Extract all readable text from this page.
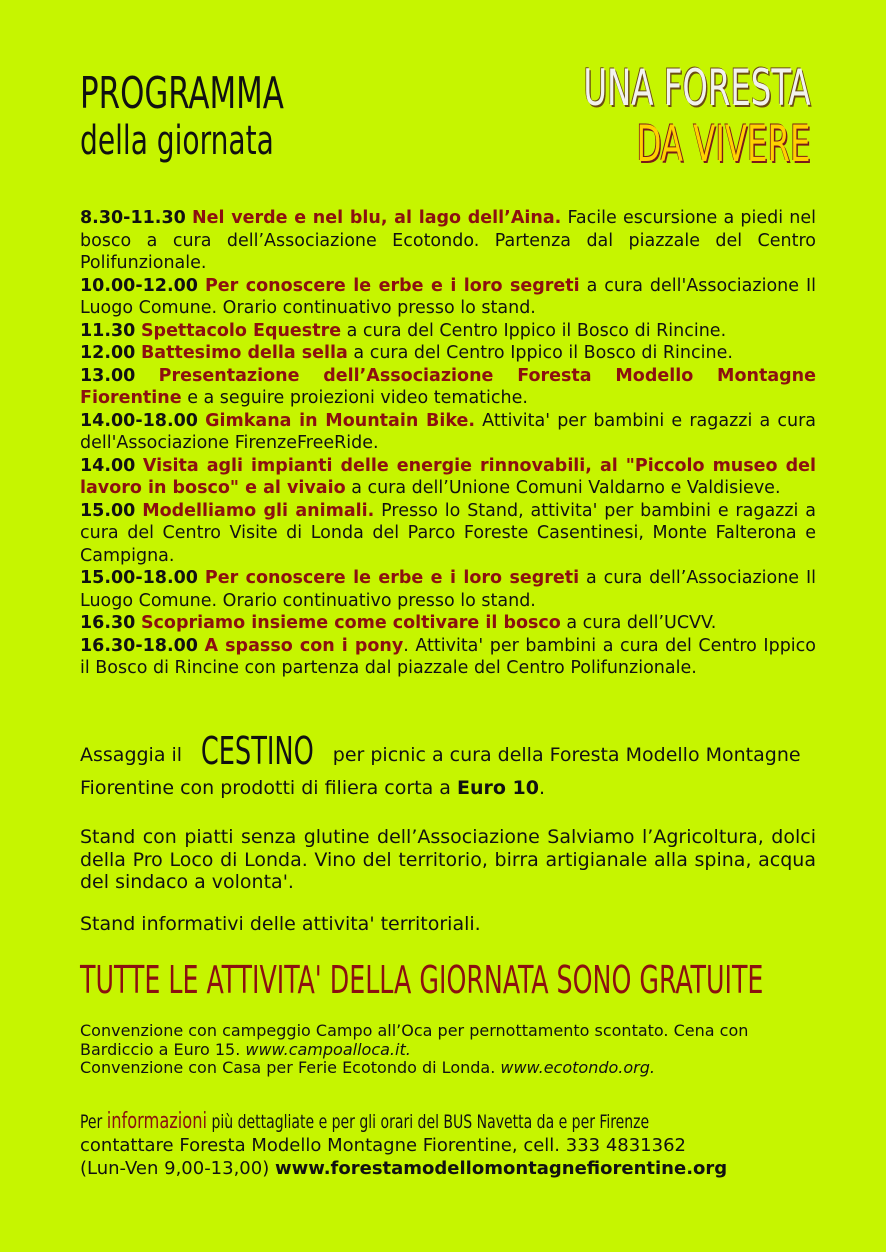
PROGRAMMA
della giornata
UNA FORESTA
DA VIVERE

8.30-11.30 Nel verde e nel blu, al lago dell’Aina. Facile escursione a piedi nel bosco a cura dell’Associazione Ecotondo. Partenza dal piazzale del Centro Polifunzionale.

10.00-12.00 Per conoscere le erbe e i loro segreti a cura dell'Associazione Il Luogo Comune. Orario continuativo presso lo stand.

11.30 Spettacolo Equestre a cura del Centro Ippico il Bosco di Rincine.

12.00 Battesimo della sella a cura del Centro Ippico il Bosco di Rincine.

13.00 Presentazione dell’Associazione Foresta Modello Montagne Fiorentine e a seguire proiezioni video tematiche.

14.00-18.00 Gimkana in Mountain Bike. Attivita' per bambini e ragazzi a cura dell'Associazione FirenzeFreeRide.

14.00 Visita agli impianti delle energie rinnovabili, al "Piccolo museo del lavoro in bosco" e al vivaio a cura dell’Unione Comuni Valdarno e Valdisieve.

15.00 Modelliamo gli animali. Presso lo Stand, attivita' per bambini e ragazzi a cura del Centro Visite di Londa del Parco Foreste Casentinesi, Monte Falterona e Campigna.

15.00-18.00 Per conoscere le erbe e i loro segreti a cura dell’Associazione Il Luogo Comune. Orario continuativo presso lo stand.

16.30 Scopriamo insieme come coltivare il bosco a cura dell’UCVV.

16.30-18.00 A spasso con i pony. Attivita' per bambini a cura del Centro Ippico il Bosco di Rincine con partenza dal piazzale del Centro Polifunzionale.

Assaggia il CESTINO per picnic a cura della Foresta Modello Montagne Fiorentine con prodotti di filiera corta a Euro 10.
Stand con piatti senza glutine dell’Associazione Salviamo l’Agricoltura, dolci della Pro Loco di Londa. Vino del territorio, birra artigianale alla spina, acqua del sindaco a volonta'.
Stand informativi delle attivita' territoriali.
TUTTE LE ATTIVITA' DELLA GIORNATA SONO GRATUITE
Convenzione con campeggio Campo all’Oca per pernottamento scontato. Cena con Bardiccio a Euro 15. www.campoalloca.it.
Convenzione con Casa per Ferie Ecotondo di Londa. www.ecotondo.org.
Per informazioni più dettagliate e per gli orari del BUS Navetta da e per Firenze
contattare Foresta Modello Montagne Fiorentine, cell. 333 4831362
(Lun-Ven 9,00-13,00) www.forestamodellomontagnefiorentine.org
